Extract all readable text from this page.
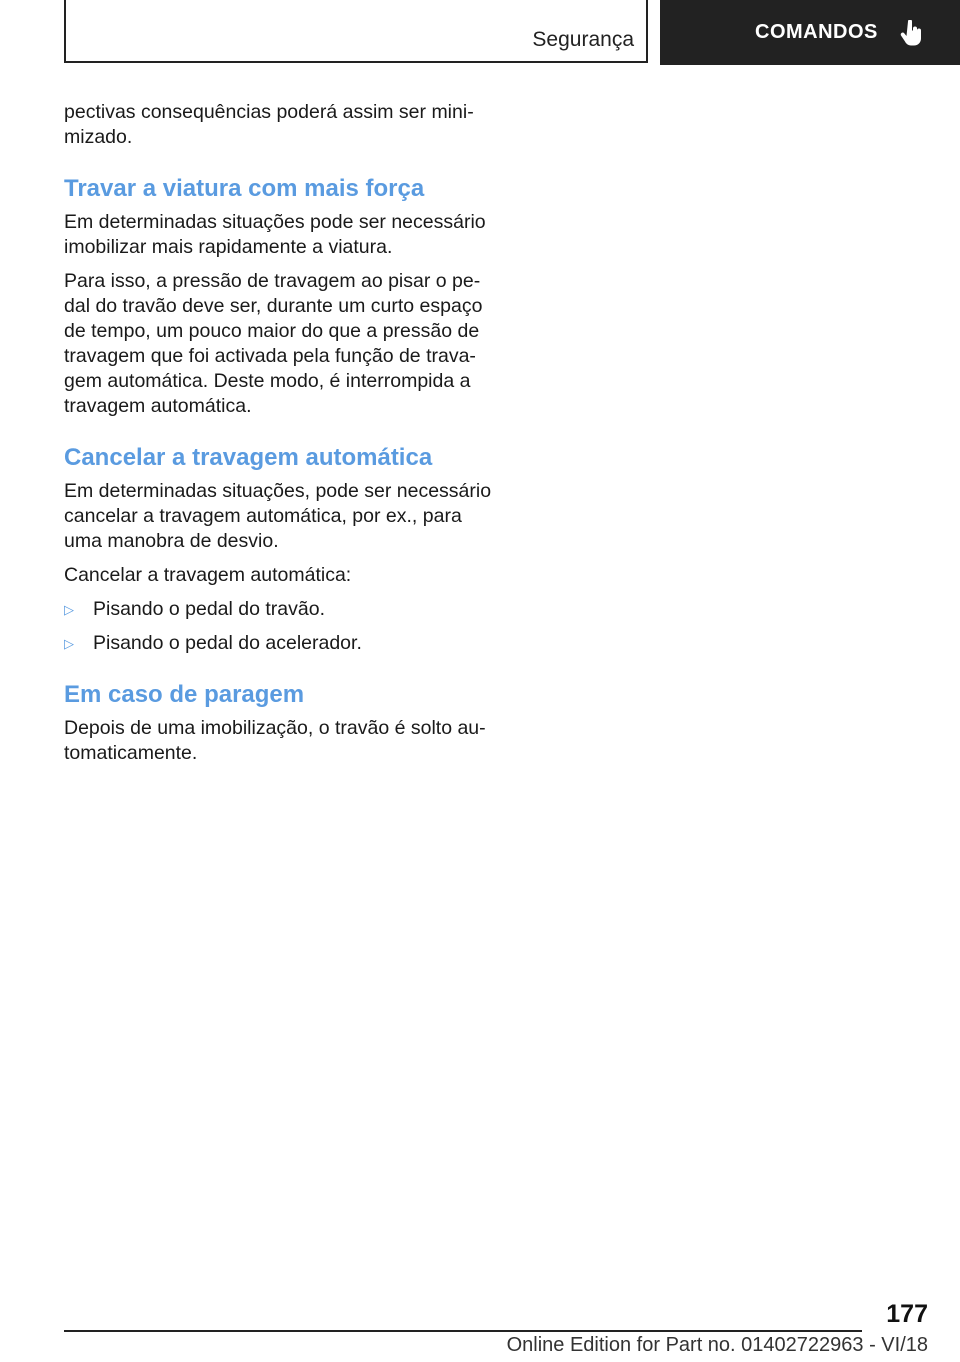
Segurança	COMANDOS

pectivas consequências poderá assim ser mini-mizado.

Travar a viatura com mais força

Em determinadas situações pode ser necessário imobilizar mais rapidamente a viatura.

Para isso, a pressão de travagem ao pisar o pe-dal do travão deve ser, durante um curto espaço de tempo, um pouco maior do que a pressão de travagem que foi activada pela função de trava-gem automática. Deste modo, é interrompida a travagem automática.

Cancelar a travagem automática

Em determinadas situações, pode ser necessário cancelar a travagem automática, por ex., para uma manobra de desvio.

Cancelar a travagem automática:

▷ Pisando o pedal do travão.
▷ Pisando o pedal do acelerador.
Em caso de paragem

Depois de uma imobilização, o travão é solto au-tomaticamente.

177
Online Edition for Part no. 01402722963 - VI/18
